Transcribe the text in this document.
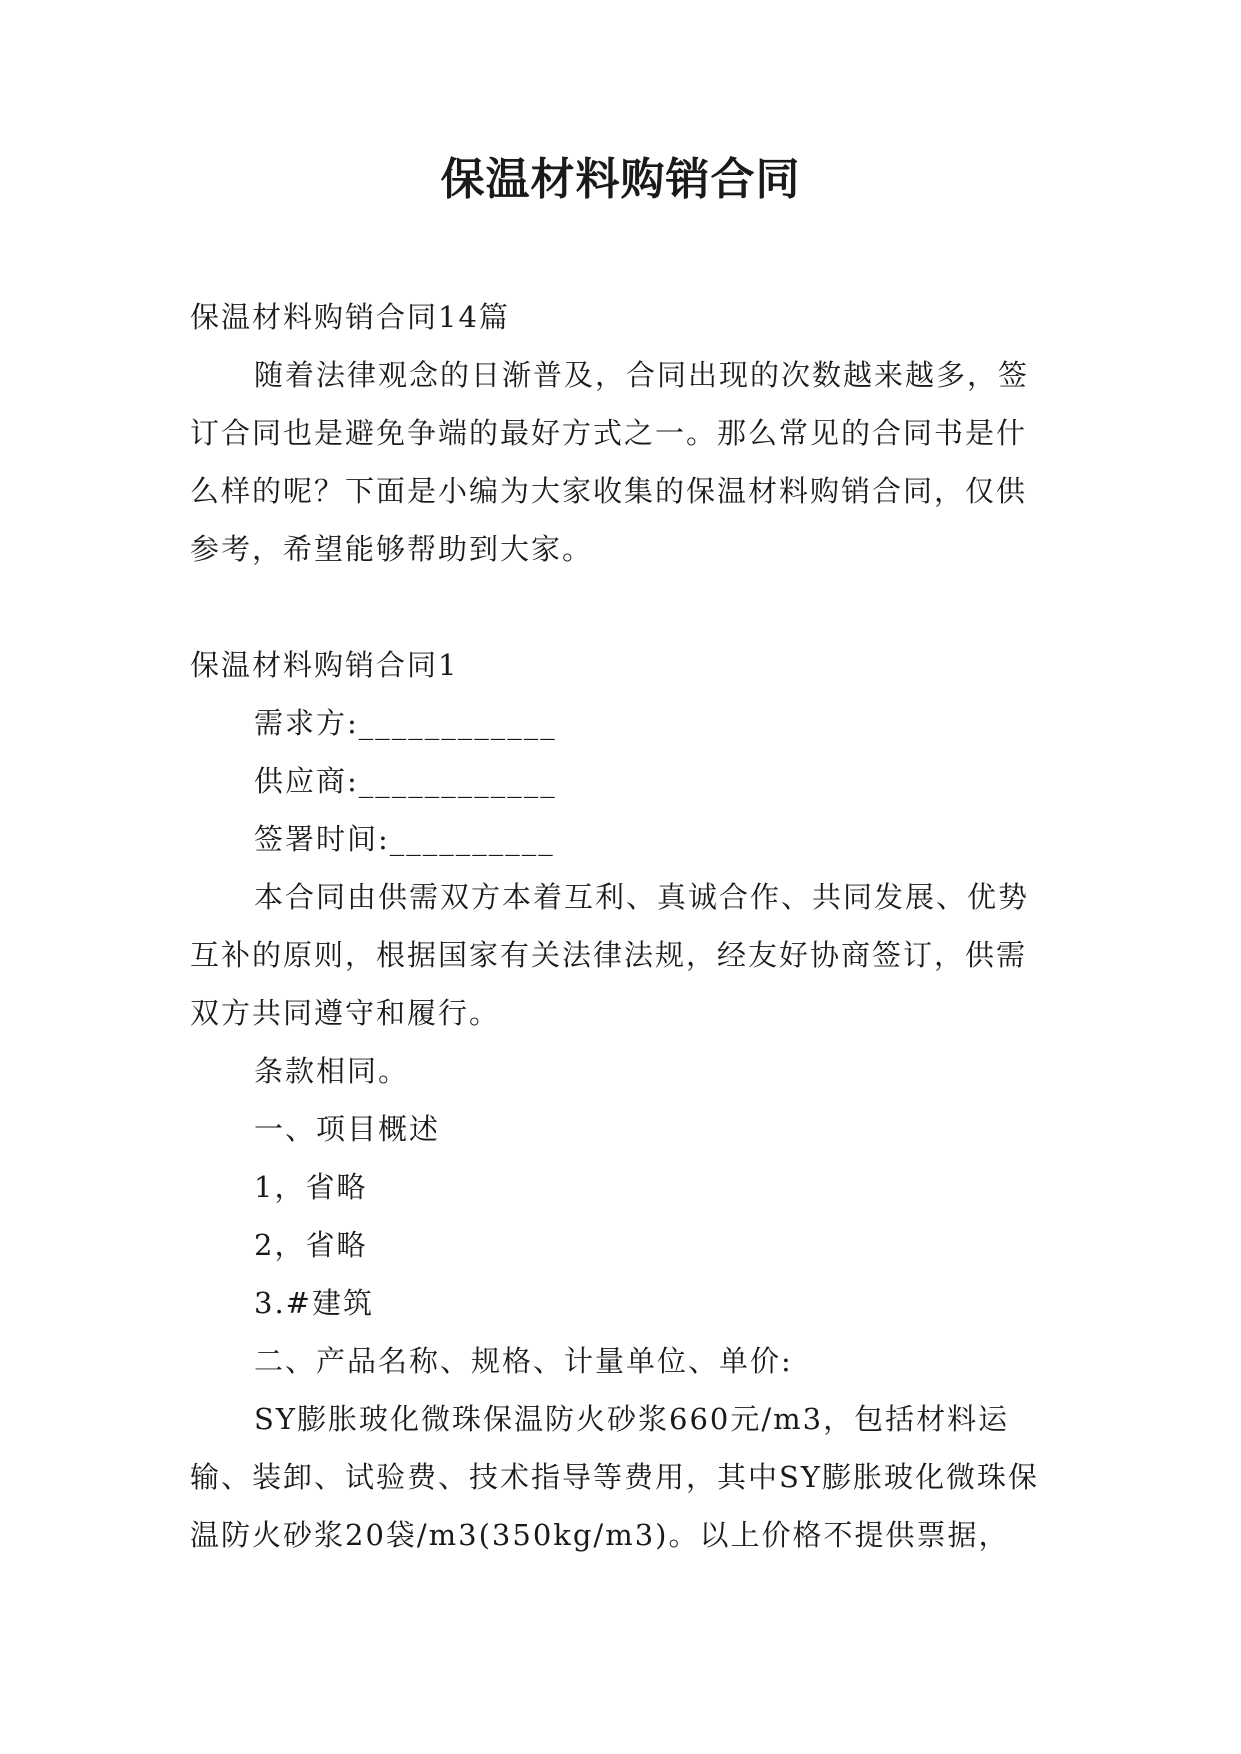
保温材料购销合同

保温材料购销合同14篇

随着法律观念的日渐普及，合同出现的次数越来越多，签订合同也是避免争端的最好方式之一。那么常见的合同书是什么样的呢？下面是小编为大家收集的保温材料购销合同，仅供参考，希望能够帮助到大家。

保温材料购销合同1

需求方:____________

供应商:____________

签署时间:__________

本合同由供需双方本着互利、真诚合作、共同发展、优势互补的原则，根据国家有关法律法规，经友好协商签订，供需双方共同遵守和履行。

条款相同。

一、项目概述

1，省略

2，省略

3.#建筑

二、产品名称、规格、计量单位、单价:

SY膨胀玻化微珠保温防火砂浆660元/m3，包括材料运输、装卸、试验费、技术指导等费用，其中SY膨胀玻化微珠保温防火砂浆20袋/m3(350kg/m3)。以上价格不提供票据，
